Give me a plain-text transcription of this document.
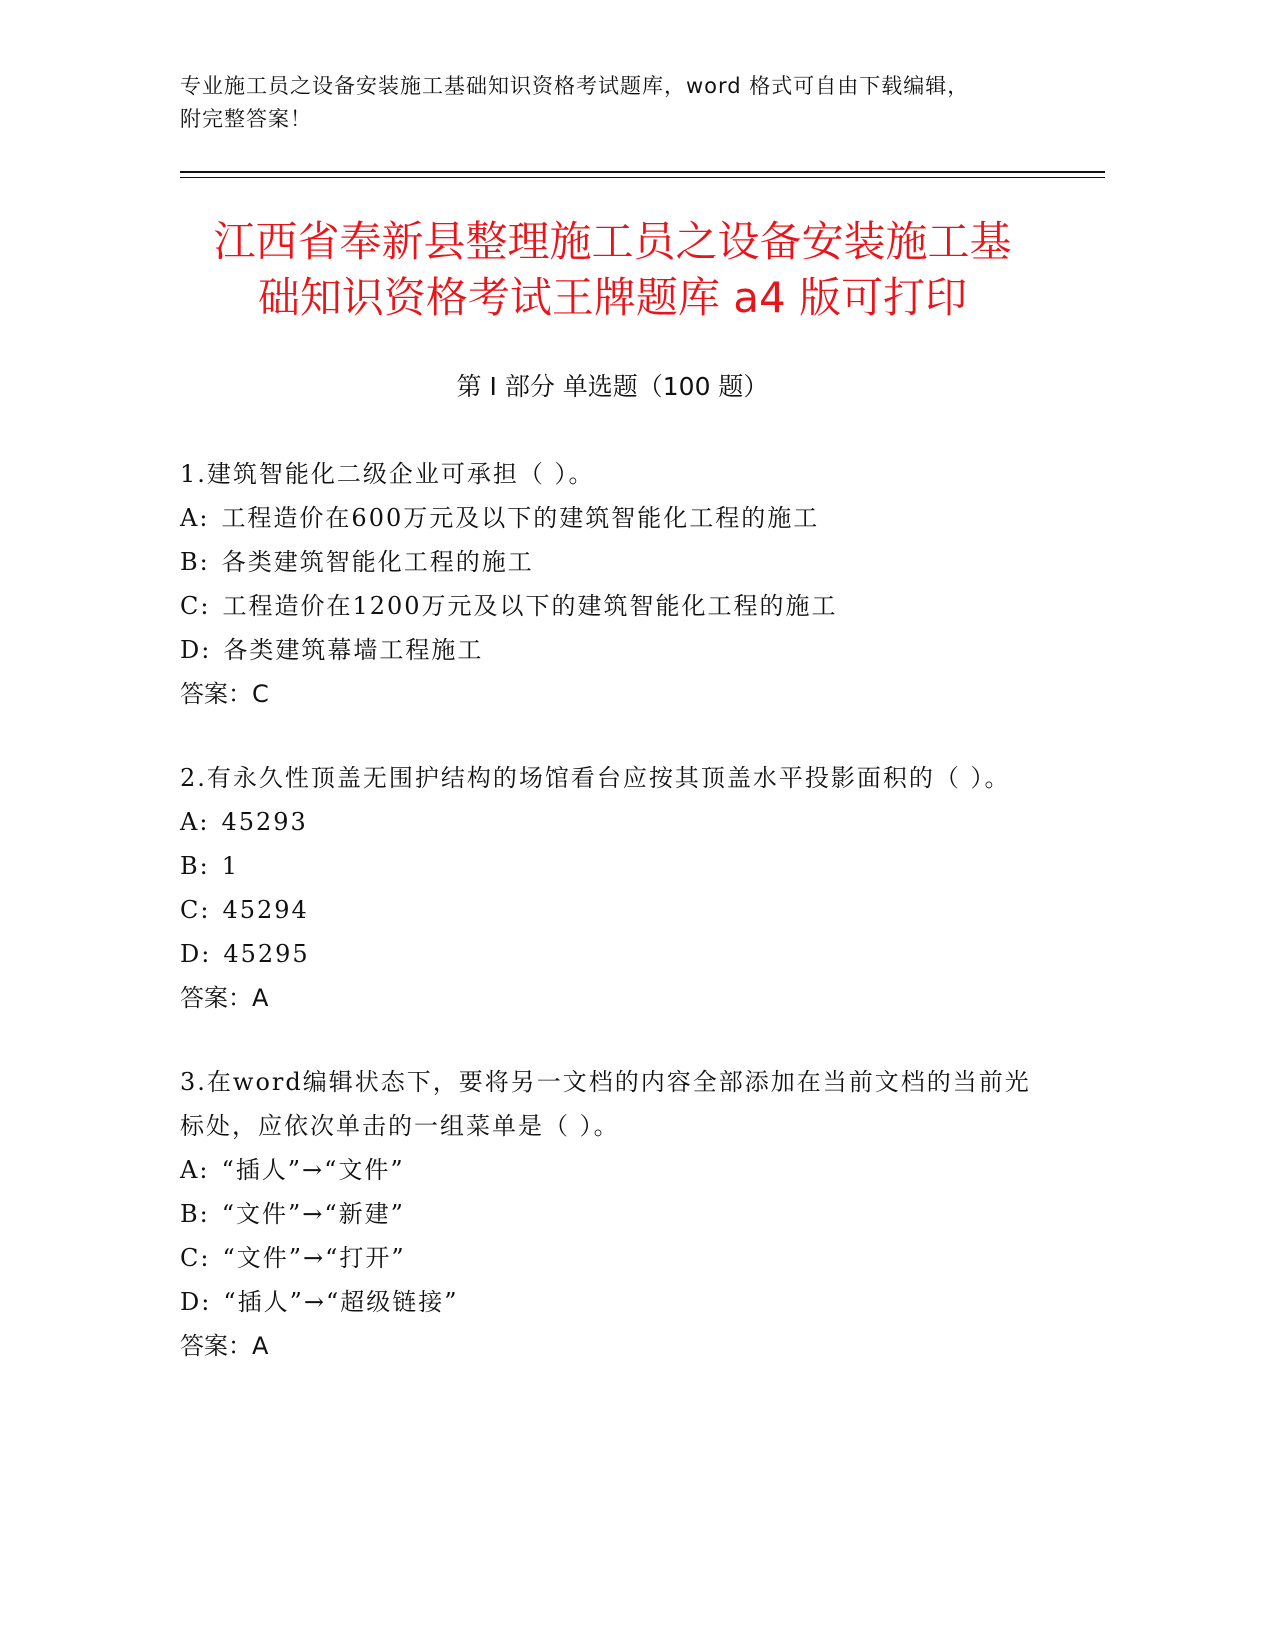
专业施工员之设备安装施工基础知识资格考试题库，word 格式可自由下载编辑，
附完整答案！
江西省奉新县整理施工员之设备安装施工基
础知识资格考试王牌题库 a4 版可打印
第 I 部分 单选题（100 题）

1.建筑智能化二级企业可承担（ ）。

A: 工程造价在600万元及以下的建筑智能化工程的施工
B: 各类建筑智能化工程的施工
C: 工程造价在1200万元及以下的建筑智能化工程的施工
D: 各类建筑幕墙工程施工
答案：C

2.有永久性顶盖无围护结构的场馆看台应按其顶盖水平投影面积的（ ）。

A: 45293
B: 1
C: 45294
D: 45295
答案：A

3.在word编辑状态下，要将另一文档的内容全部添加在当前文档的当前光标处，应依次单击的一组菜单是（ ）。

A: “插人”→“文件”
B: “文件”→“新建”
C: “文件”→“打开”
D: “插人”→“超级链接”
答案：A
